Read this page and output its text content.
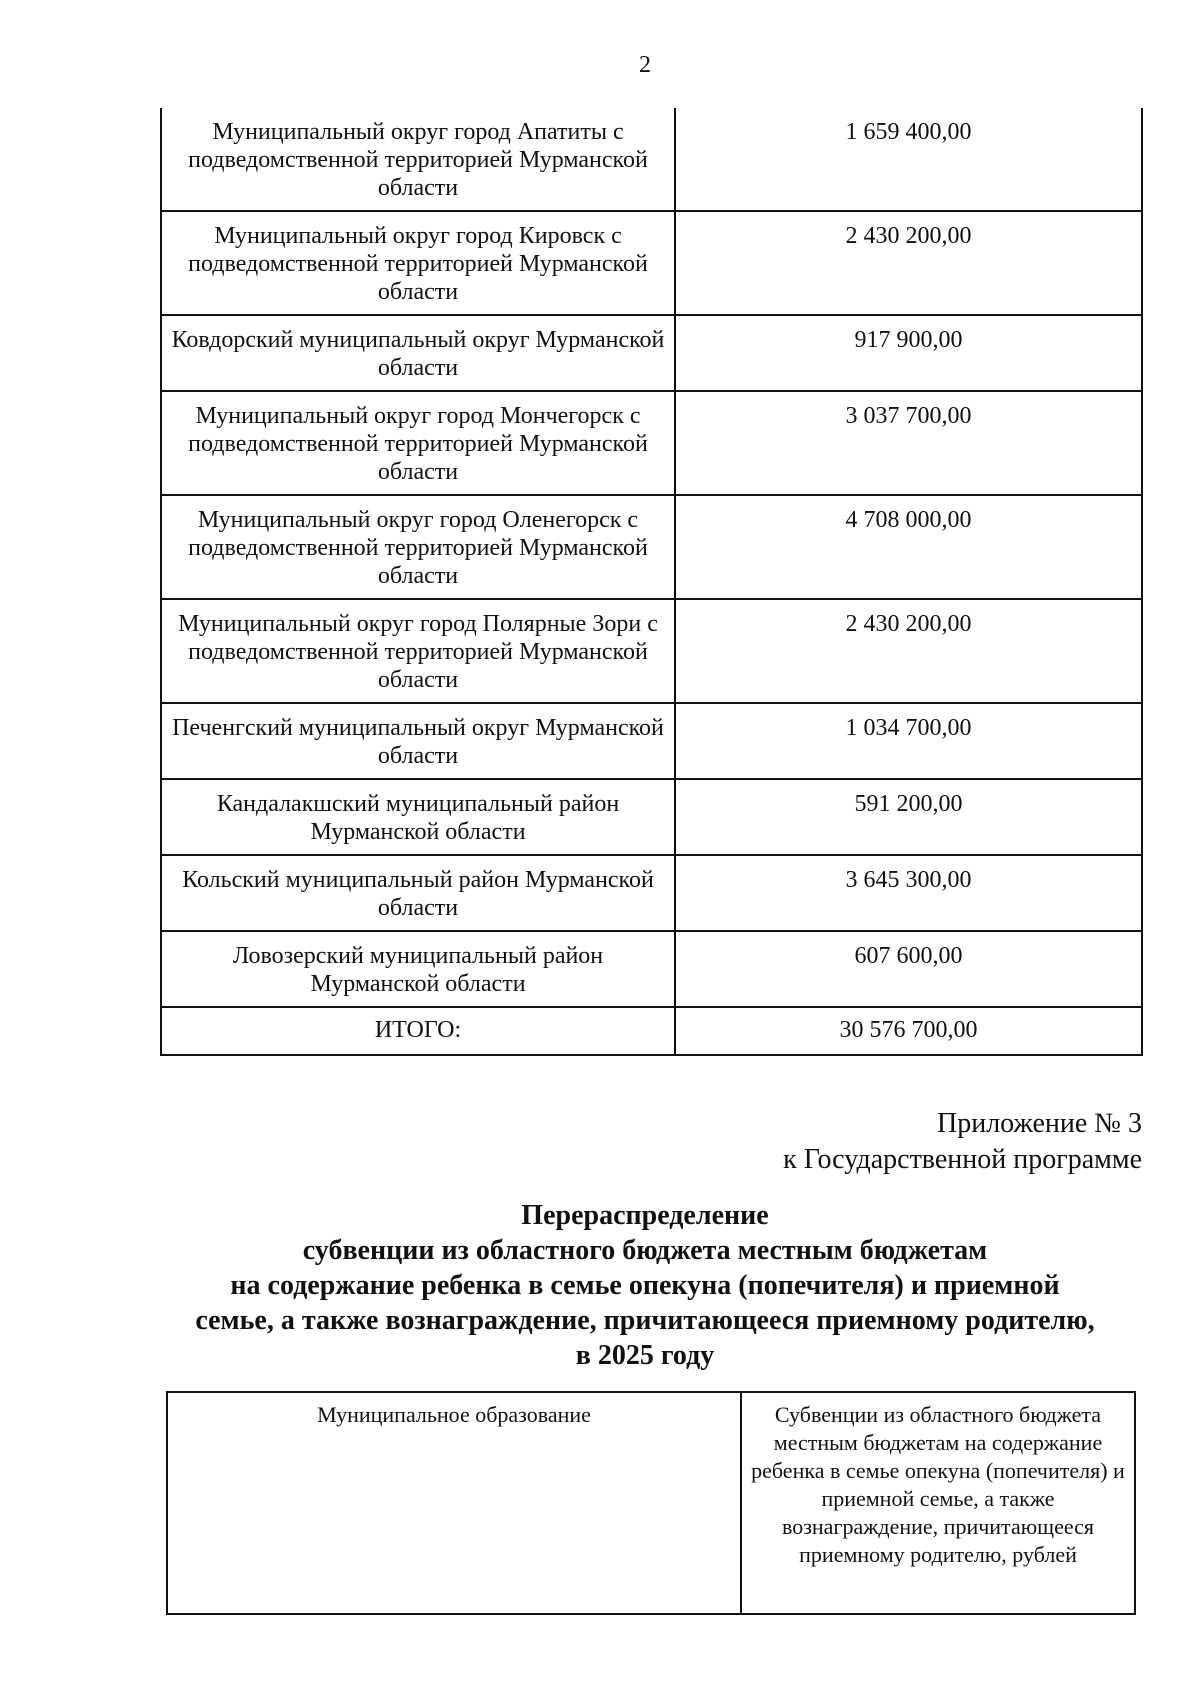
2
Муниципальный округ город Апатиты с подведомственной территорией Мурманской области	1 659 400,00
Муниципальный округ город Кировск с подведомственной территорией Мурманской области	2 430 200,00
Ковдорский муниципальный округ Мурманской области	917 900,00
Муниципальный округ город Мончегорск с подведомственной территорией Мурманской области	3 037 700,00
Муниципальный округ город Оленегорск с подведомственной территорией Мурманской области	4 708 000,00
Муниципальный округ город Полярные Зори с подведомственной территорией Мурманской области	2 430 200,00
Печенгский муниципальный округ Мурманской области	1 034 700,00
Кандалакшский муниципальный район Мурманской области	591 200,00
Кольский муниципальный район Мурманской области	3 645 300,00
Ловозерский муниципальный район Мурманской области	607 600,00
ИТОГО:	30 576 700,00
Приложение № 3
к Государственной программе
Перераспределение
субвенции из областного бюджета местным бюджетам
на содержание ребенка в семье опекуна (попечителя) и приемной
семье, а также вознаграждение, причитающееся приемному родителю,
в 2025 году
Муниципальное образование	Субвенции из областного бюджета местным бюджетам на содержание ребенка в семье опекуна (попечителя) и приемной семье, а также вознаграждение, причитающееся приемному родителю, рублей
